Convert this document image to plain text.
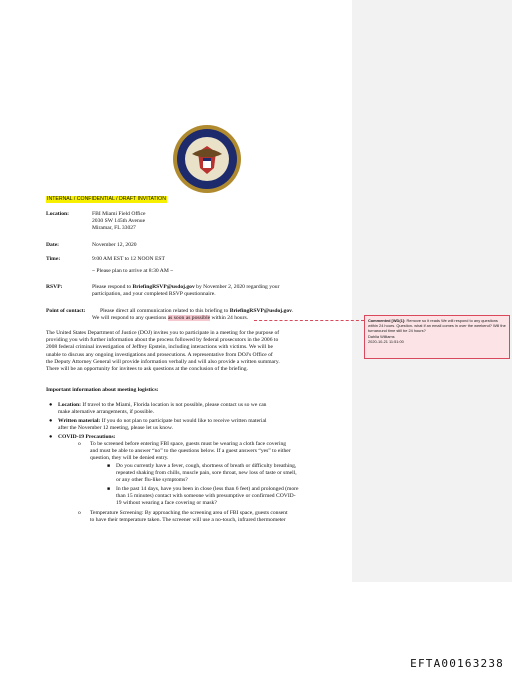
INTERNAL / CONFIDENTIAL / DRAFT INVITATION
Location:	FBI Miami Field Office
2030 SW 145th Avenue
Miramar, FL 33027
Date:	November 12, 2020
Time:	9:00 AM EST to 12 NOON EST
~ Please plan to arrive at 8:30 AM ~
RSVP:	Please respond to BriefingRSVP@usdoj.gov by November 2, 2020 regarding your
participation, and your completed RSVP questionnaire.
Point of contact:	Please direct all communication related to this briefing to BriefingRSVP@usdoj.gov.
We will respond to any questions as soon as possible within 24 hours.
The United States Department of Justice (DOJ) invites you to participate in a meeting for the purpose of
providing you with further information about the process followed by federal prosecutors in the 2006 to
2008 federal criminal investigation of Jeffrey Epstein, including interactions with victims. We will be
unable to discuss any ongoing investigations and prosecutions. A representative from DOJ's Office of
the Deputy Attorney General will provide information verbally and will also provide a written summary.
There will be an opportunity for invitees to ask questions at the conclusion of the briefing.
Important information about meeting logistics:
● Location: If travel to the Miami, Florida location is not possible, please contact us so we can
make alternative arrangements, if possible.
● Written material: If you do not plan to participate but would like to receive written material
after the November 12 meeting, please let us know.
● COVID-19 Precautions:
o To be screened before entering FBI space, guests must be wearing a cloth face covering
and must be able to answer “no” to the questions below. If a guest answers “yes” to either
question, they will be denied entry.
■ Do you currently have a fever, cough, shortness of breath or difficulty breathing,
repeated shaking from chills, muscle pain, sore throat, new loss of taste or smell,
or any other flu-like symptoms?
■ In the past 14 days, have you been in close (less than 6 feet) and prolonged (more
than 15 minutes) contact with someone with presumptive or confirmed COVID-
19 without wearing a face covering or mask?
o Temperature Screening: By approaching the screening area of FBI space, guests consent
to have their temperature taken. The screener will use a no-touch, infrared thermometer
Commented [WD(1]: Remove so it reads We will respond to any questions within 24 hours. Question- what if an email comes in over the weekend? Will the turnaround time still be 24 hours?
Dahlia Williams
2020-10-21 11:51:00
EFTA00163238
